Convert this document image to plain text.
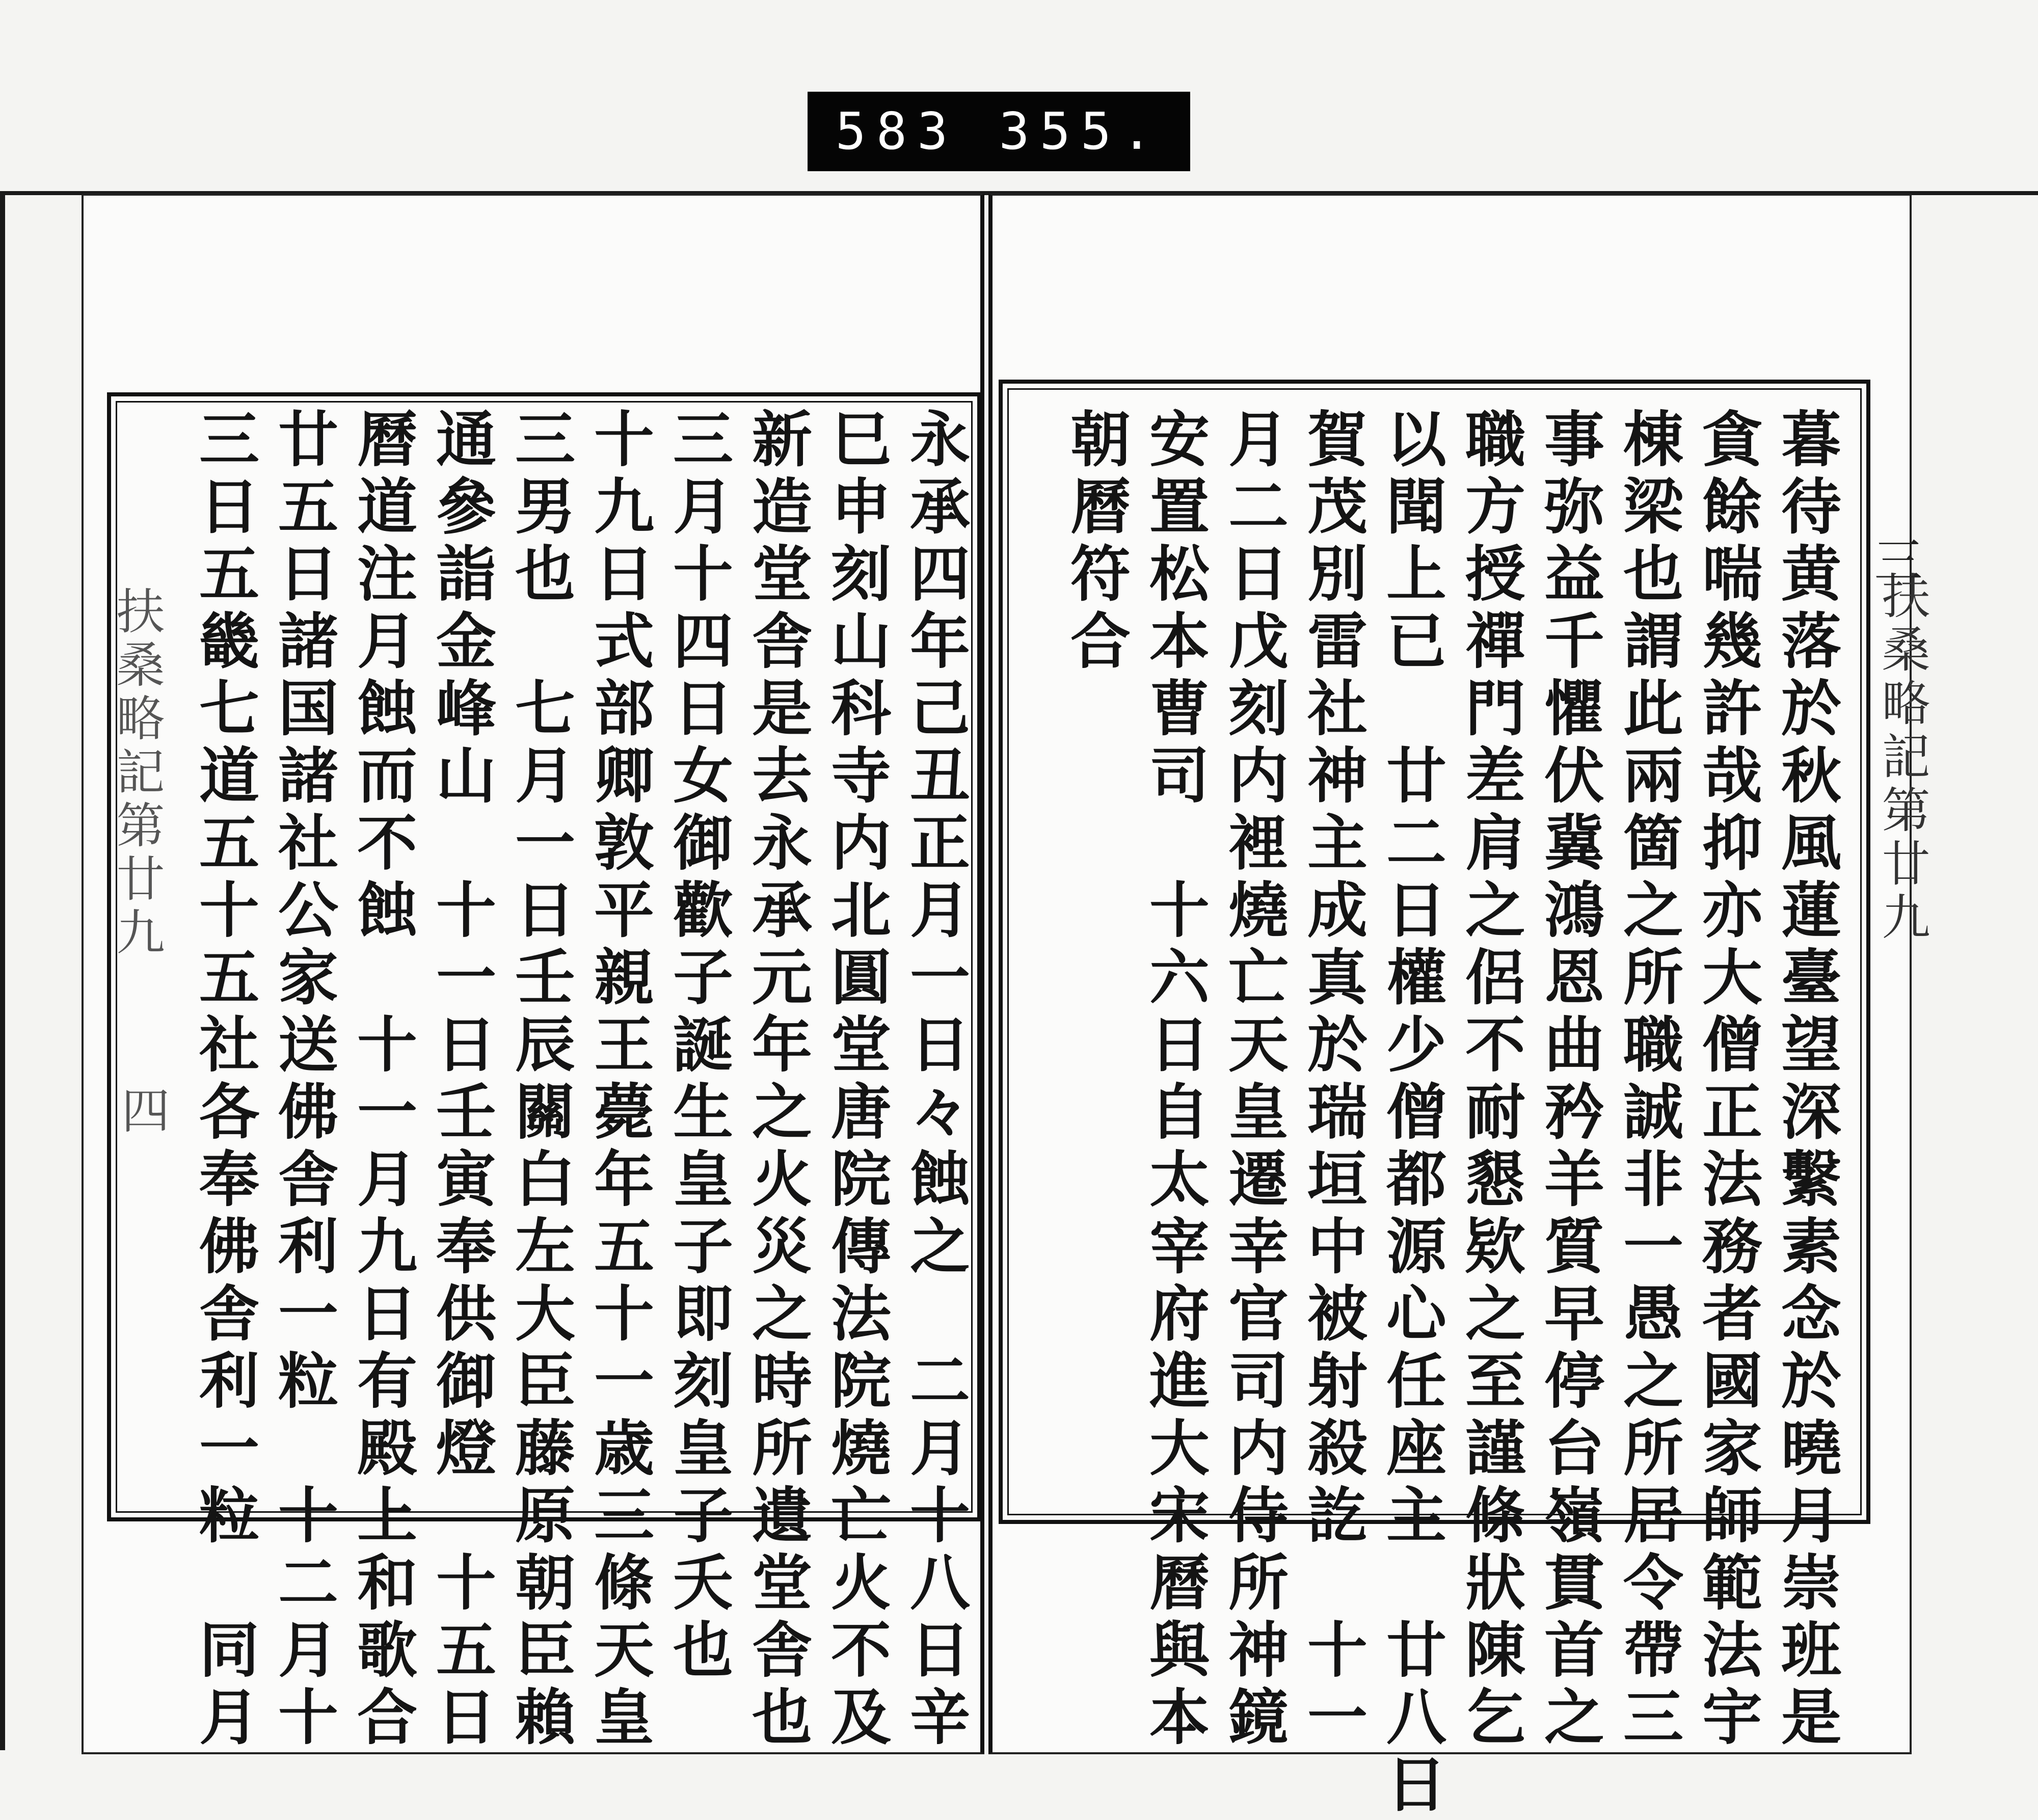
583 355.
扶桑略記第廿九
三
扶桑略記第廿九
四	暮待黄落於秋風蓮臺望深繫素念於曉月崇班是
貪餘喘幾許哉抑亦大僧正法務者國家師範法宇
棟梁也謂此兩箇之所職誠非一愚之所居令帶三
事弥益千懼伏冀鴻恩曲矜羊質早停台嶺貫首之
職方授禪門差肩之侶不耐懇欵之至謹條狀陳乞
以聞上已　廿二日權少僧都源心任座主　廿八日
賀茂別雷社神主成真於瑞垣中被射殺訖　十一
月二日戊刻内裡燒亡天皇遷幸官司内侍所神鏡
安置松本曹司　十六日自太宰府進大宋曆與本
朝曆符合
永承四年己丑正月一日々蝕之　二月十八日辛
巳申刻山科寺内北圓堂唐院傳法院燒亡火不及
新造堂舎是去永承元年之火災之時所遺堂舎也
三月十四日女御歡子誕生皇子即刻皇子夭也
十九日式部卿敦平親王薨年五十一歳三條天皇
三男也　七月一日壬辰關白左大臣藤原朝臣賴
通參詣金峰山　十一日壬寅奉供御燈　十五日
曆道注月蝕而不蝕　十一月九日有殿上和歌合
廿五日諸国諸社公家送佛舎利一粒　十二月十
三日五畿七道五十五社各奉佛舎利一粒　同月
